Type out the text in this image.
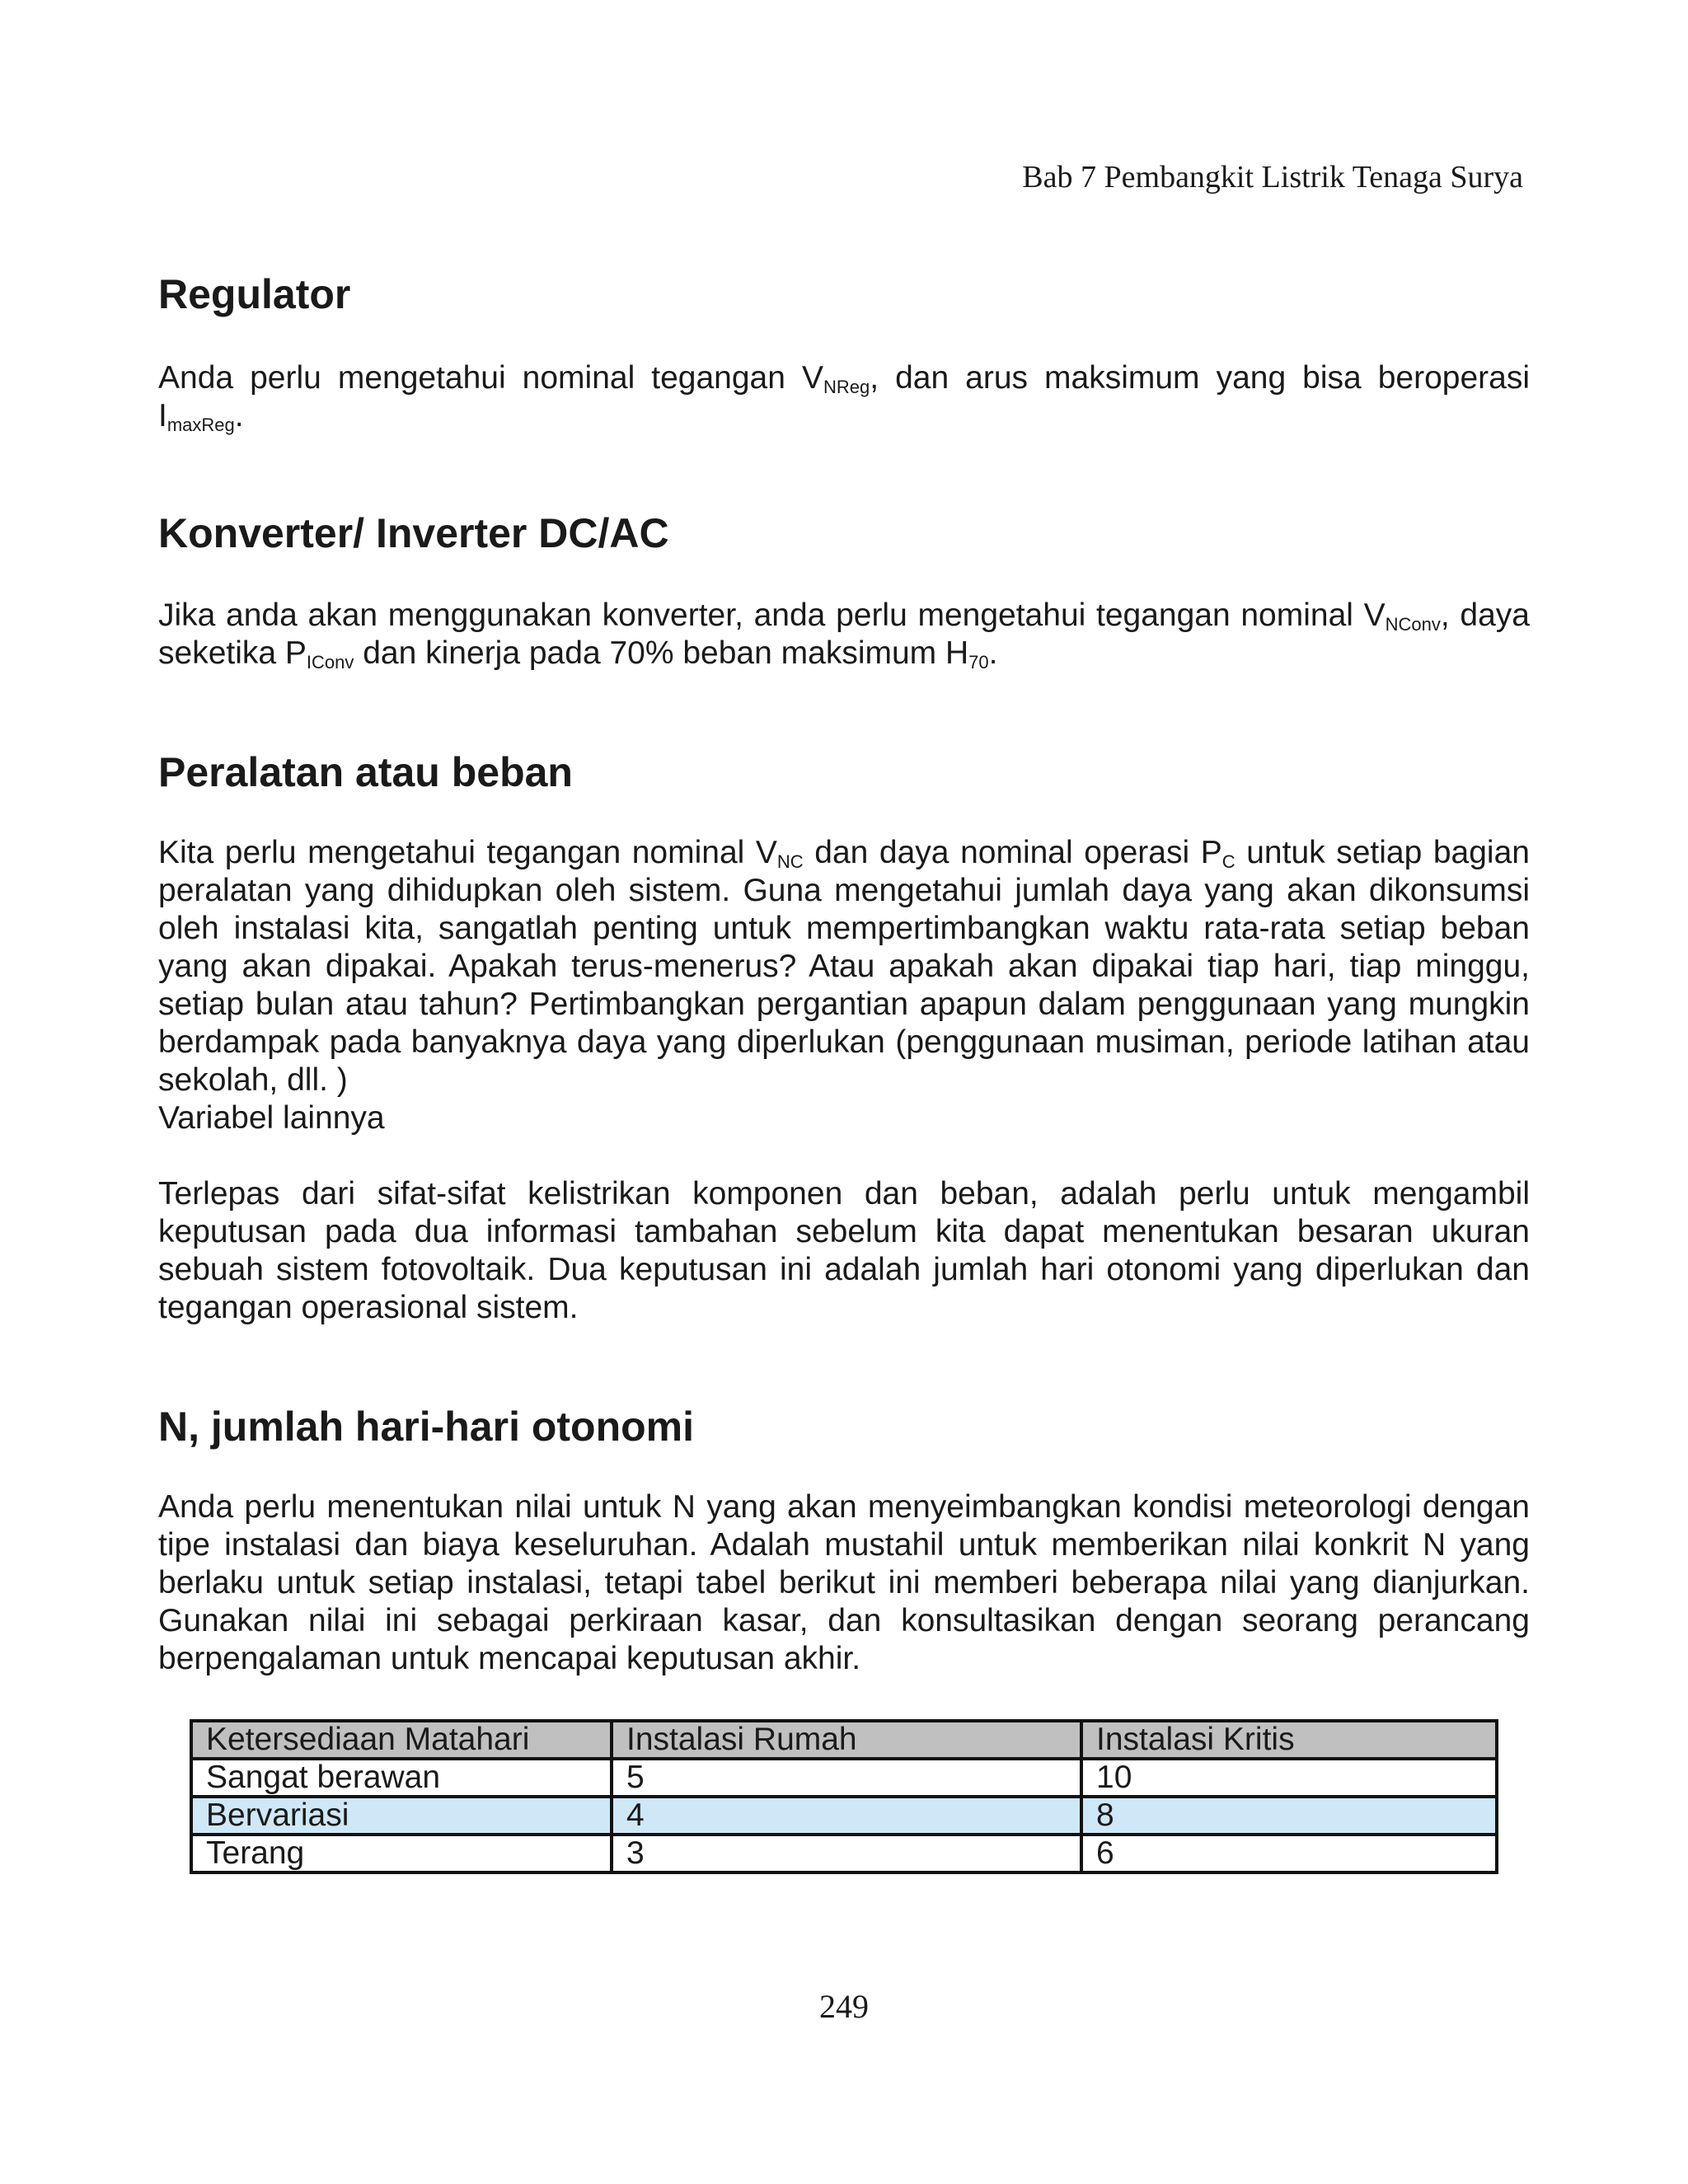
Bab 7 Pembangkit Listrik Tenaga Surya
Regulator

Anda perlu mengetahui nominal tegangan $V_{NReg}$, dan arus maksimum yang bisa beroperasi $I_{maxReg}$.

Konverter/ Inverter DC/AC

Jika anda akan menggunakan konverter, anda perlu mengetahui tegangan nominal $V_{NConv}$, daya seketika $P_{IConv}$ dan kinerja pada 70% beban maksimum $H_{70}$.

Peralatan atau beban

Kita perlu mengetahui tegangan nominal $V_{NC}$ dan daya nominal operasi $P_C$ untuk setiap bagian peralatan yang dihidupkan oleh sistem. Guna mengetahui jumlah daya yang akan dikonsumsi oleh instalasi kita, sangatlah penting untuk mempertimbangkan waktu rata-rata setiap beban yang akan dipakai. Apakah terus-menerus? Atau apakah akan dipakai tiap hari, tiap minggu, setiap bulan atau tahun? Pertimbangkan pergantian apapun dalam penggunaan yang mungkin berdampak pada banyaknya daya yang diperlukan (penggunaan musiman, periode latihan atau sekolah, dll. )

Variabel lainnya

Terlepas dari sifat-sifat kelistrikan komponen dan beban, adalah perlu untuk mengambil keputusan pada dua informasi tambahan sebelum kita dapat menentukan besaran ukuran sebuah sistem fotovoltaik. Dua keputusan ini adalah jumlah hari otonomi yang diperlukan dan tegangan operasional sistem.

N, jumlah hari-hari otonomi

Anda perlu menentukan nilai untuk N yang akan menyeimbangkan kondisi meteorologi dengan tipe instalasi dan biaya keseluruhan. Adalah mustahil untuk memberikan nilai konkrit N yang berlaku untuk setiap instalasi, tetapi tabel berikut ini memberi beberapa nilai yang dianjurkan. Gunakan nilai ini sebagai perkiraan kasar, dan konsultasikan dengan seorang perancang berpengalaman untuk mencapai keputusan akhir.

Ketersediaan Matahari	Instalasi Rumah	Instalasi Kritis
Sangat berawan	5	10
Bervariasi	4	8
Terang	3	6
249
